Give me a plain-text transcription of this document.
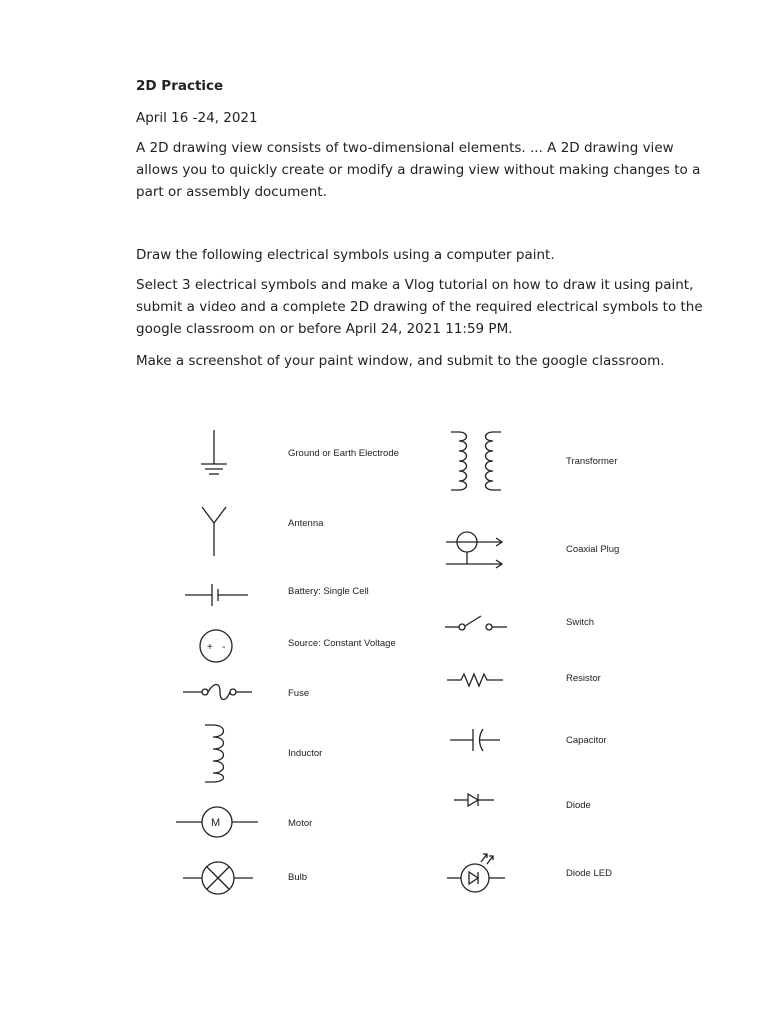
2D Practice

April 16 -24, 2021

A 2D drawing view consists of two-dimensional elements. ... A 2D drawing view allows you to quickly create or modify a drawing view without making changes to a part or assembly document.

Draw the following electrical symbols using a computer paint.

Select 3 electrical symbols and make a Vlog tutorial on how to draw it using paint, submit a video and a complete 2D drawing of the required electrical symbols to the google classroom on or before April 24, 2021 11:59 PM.

Make a screenshot of your paint window, and submit to the google classroom.

Ground or Earth Electrode
Antenna
Battery: Single Cell
+ -	Source: Constant Voltage
Fuse
Inductor
M	Motor
Bulb
Transformer
Coaxial Plug
Switch
Resistor
Capacitor
Diode
Diode LED
